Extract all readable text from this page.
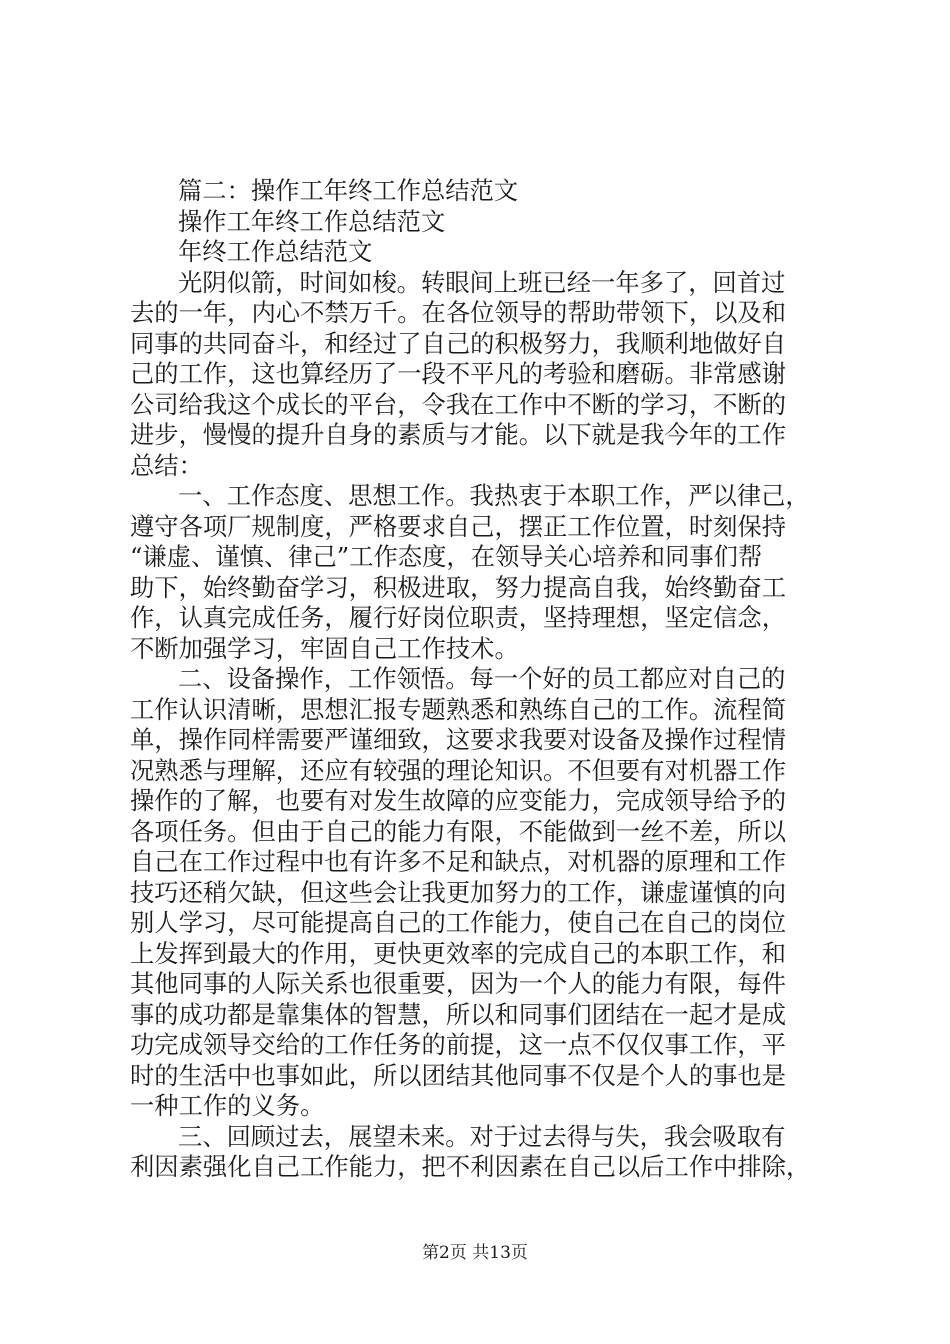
篇二：操作工年终工作总结范文
操作工年终工作总结范文
年终工作总结范文
光阴似箭，时间如梭。转眼间上班已经一年多了，回首过
去的一年，内心不禁万千。在各位领导的帮助带领下，以及和
同事的共同奋斗，和经过了自己的积极努力，我顺利地做好自
己的工作，这也算经历了一段不平凡的考验和磨砺。非常感谢
公司给我这个成长的平台，令我在工作中不断的学习，不断的
进步，慢慢的提升自身的素质与才能。以下就是我今年的工作
总结：
一、工作态度、思想工作。我热衷于本职工作，严以律己，
遵守各项厂规制度，严格要求自己，摆正工作位置，时刻保持
“谦虚、谨慎、律己”工作态度，在领导关心培养和同事们帮
助下，始终勤奋学习，积极进取，努力提高自我，始终勤奋工
作，认真完成任务，履行好岗位职责，坚持理想，坚定信念，
不断加强学习，牢固自己工作技术。
二、设备操作，工作领悟。每一个好的员工都应对自己的
工作认识清晰，思想汇报专题熟悉和熟练自己的工作。流程简
单，操作同样需要严谨细致，这要求我要对设备及操作过程情
况熟悉与理解，还应有较强的理论知识。不但要有对机器工作
操作的了解，也要有对发生故障的应变能力，完成领导给予的
各项任务。但由于自己的能力有限，不能做到一丝不差，所以
自己在工作过程中也有许多不足和缺点，对机器的原理和工作
技巧还稍欠缺，但这些会让我更加努力的工作，谦虚谨慎的向
别人学习，尽可能提高自己的工作能力，使自己在自己的岗位
上发挥到最大的作用，更快更效率的完成自己的本职工作，和
其他同事的人际关系也很重要，因为一个人的能力有限，每件
事的成功都是靠集体的智慧，所以和同事们团结在一起才是成
功完成领导交给的工作任务的前提，这一点不仅仅事工作，平
时的生活中也事如此，所以团结其他同事不仅是个人的事也是
一种工作的义务。
三、回顾过去，展望未来。对于过去得与失，我会吸取有
利因素强化自己工作能力，把不利因素在自己以后工作中排除，
第2页 共13页
